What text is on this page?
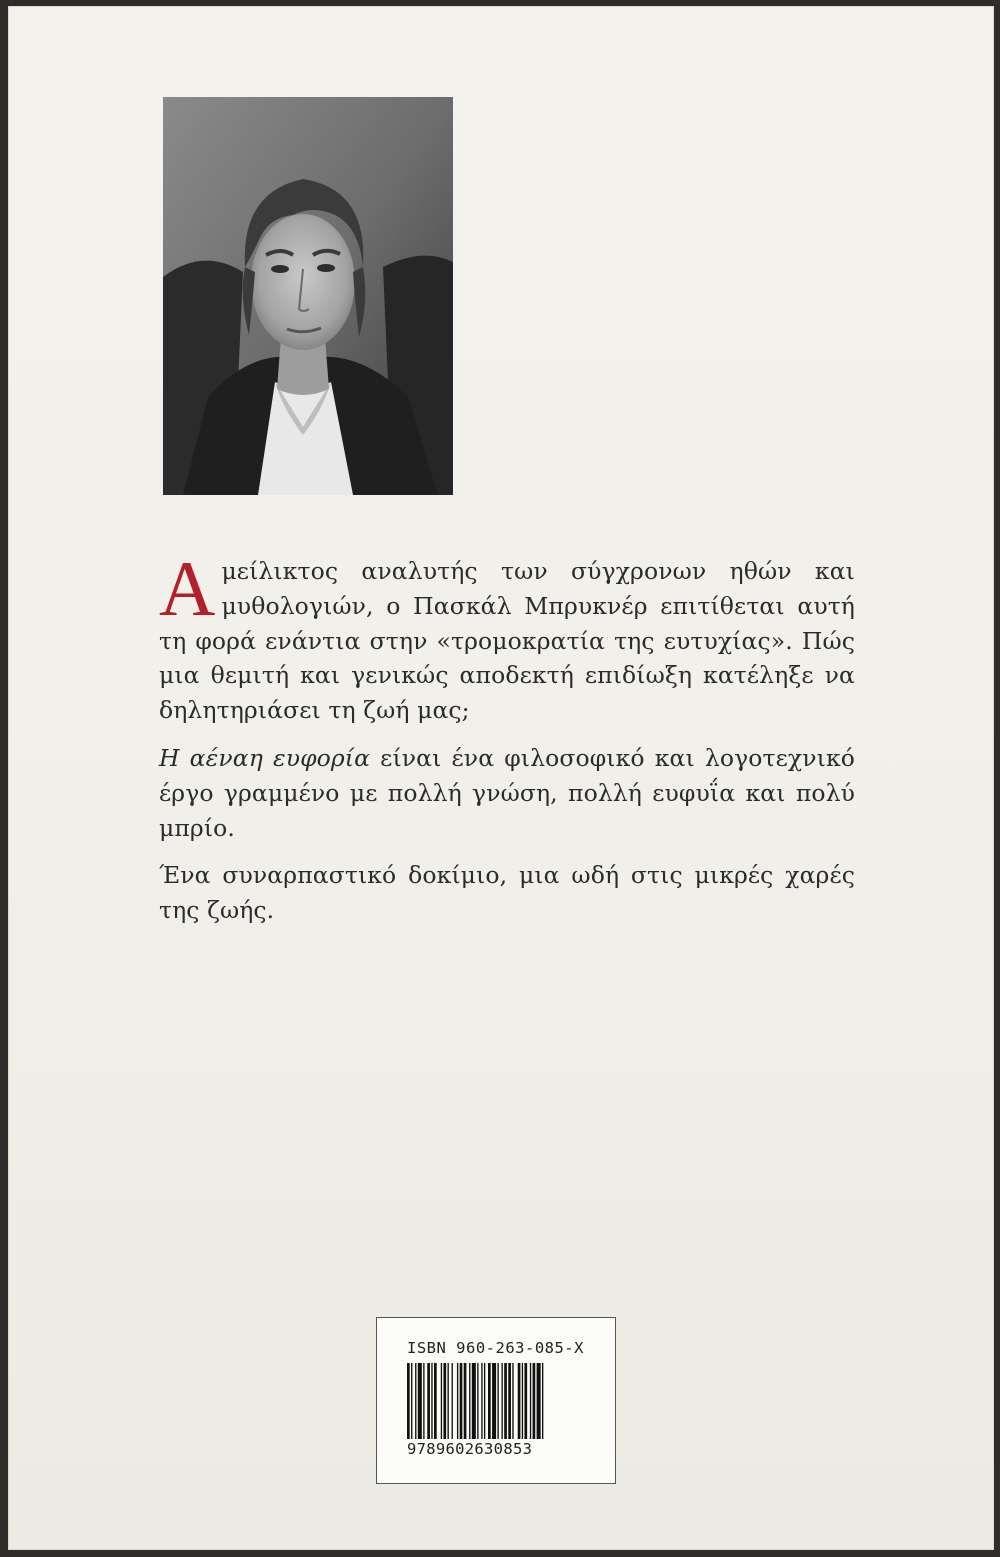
Αμείλικτος αναλυτής των σύγχρονων ηθών και μυθολογιών, ο Πασκάλ Μπρυκνέρ επιτίθεται αυτή τη φορά ενάντια στην «τρομοκρατία της ευτυχίας». Πώς μια θεμιτή και γενικώς αποδεκτή επιδίωξη κατέληξε να δηλητηριάσει τη ζωή μας;

Η αέναη ευφορία είναι ένα φιλοσοφικό και λογοτεχνικό έργο γραμμένο με πολλή γνώση, πολλή ευφυΐα και πολύ μπρίο.

Ένα συναρπαστικό δοκίμιο, μια ωδή στις μικρές χαρές της ζωής.

ISBN 960-263-085-X
9789602630853
